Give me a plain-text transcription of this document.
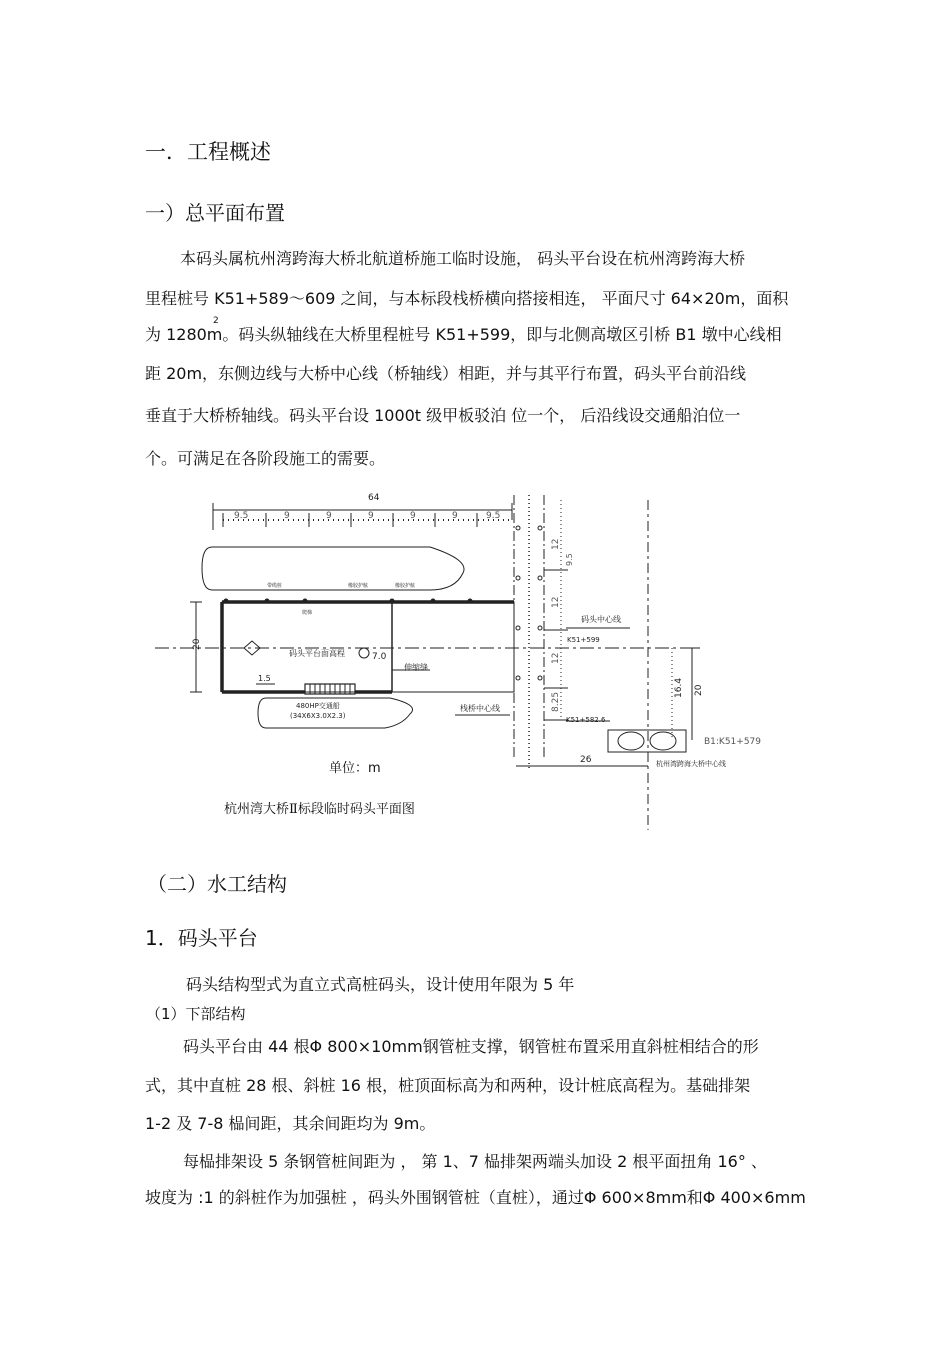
一．工程概述
一）总平面布置
本码头属杭州湾跨海大桥北航道桥施工临时设施， 码头平台设在杭州湾跨海大桥
里程桩号 K51+589～609 之间，与本标段栈桥横向搭接相连， 平面尺寸 64×20m，面积
为 1280m。码头纵轴线在大桥里程桩号 K51+599，即与北侧高墩区引桥 B1 墩中心线相
2
距 20m，东侧边线与大桥中心线（桥轴线）相距，并与其平行布置，码头平台前沿线
垂直于大桥桥轴线。码头平台设 1000t 级甲板驳泊 位一个， 后沿线设交通船泊位一
个。可满足在各阶段施工的需要。
64
9.5	9	9	9	9	9	9.5
带缆桩	橡胶护舷	橡胶护舷
爬梯
码头平台面高程	7.0
伸缩缝
1.5
480HP交通船
(34X6X3.0X2.3)
栈桥中心线
码头中心线
K51+599
K51+582.6
B1:K51+579
杭州湾跨海大桥中心线
26
20
12
9.5
12
12
8.25
16.4 20
单位：m
杭州湾大桥Ⅱ标段临时码头平面图
（二）水工结构
1．码头平台
码头结构型式为直立式高桩码头，设计使用年限为 5 年
（1）下部结构
码头平台由 44 根Φ 800×10mm钢管桩支撑，钢管桩布置采用直斜桩相结合的形
式，其中直桩 28 根、斜桩 16 根，桩顶面标高为和两种，设计桩底高程为。基础排架
1-2 及 7-8 榀间距，其余间距均为 9m。
每榀排架设 5 条钢管桩间距为 ， 第 1、7 榀排架两端头加设 2 根平面扭角 16° 、
坡度为 :1 的斜桩作为加强桩 ，码头外围钢管桩（直桩），通过Φ 600×8mm和Φ 400×6mm
